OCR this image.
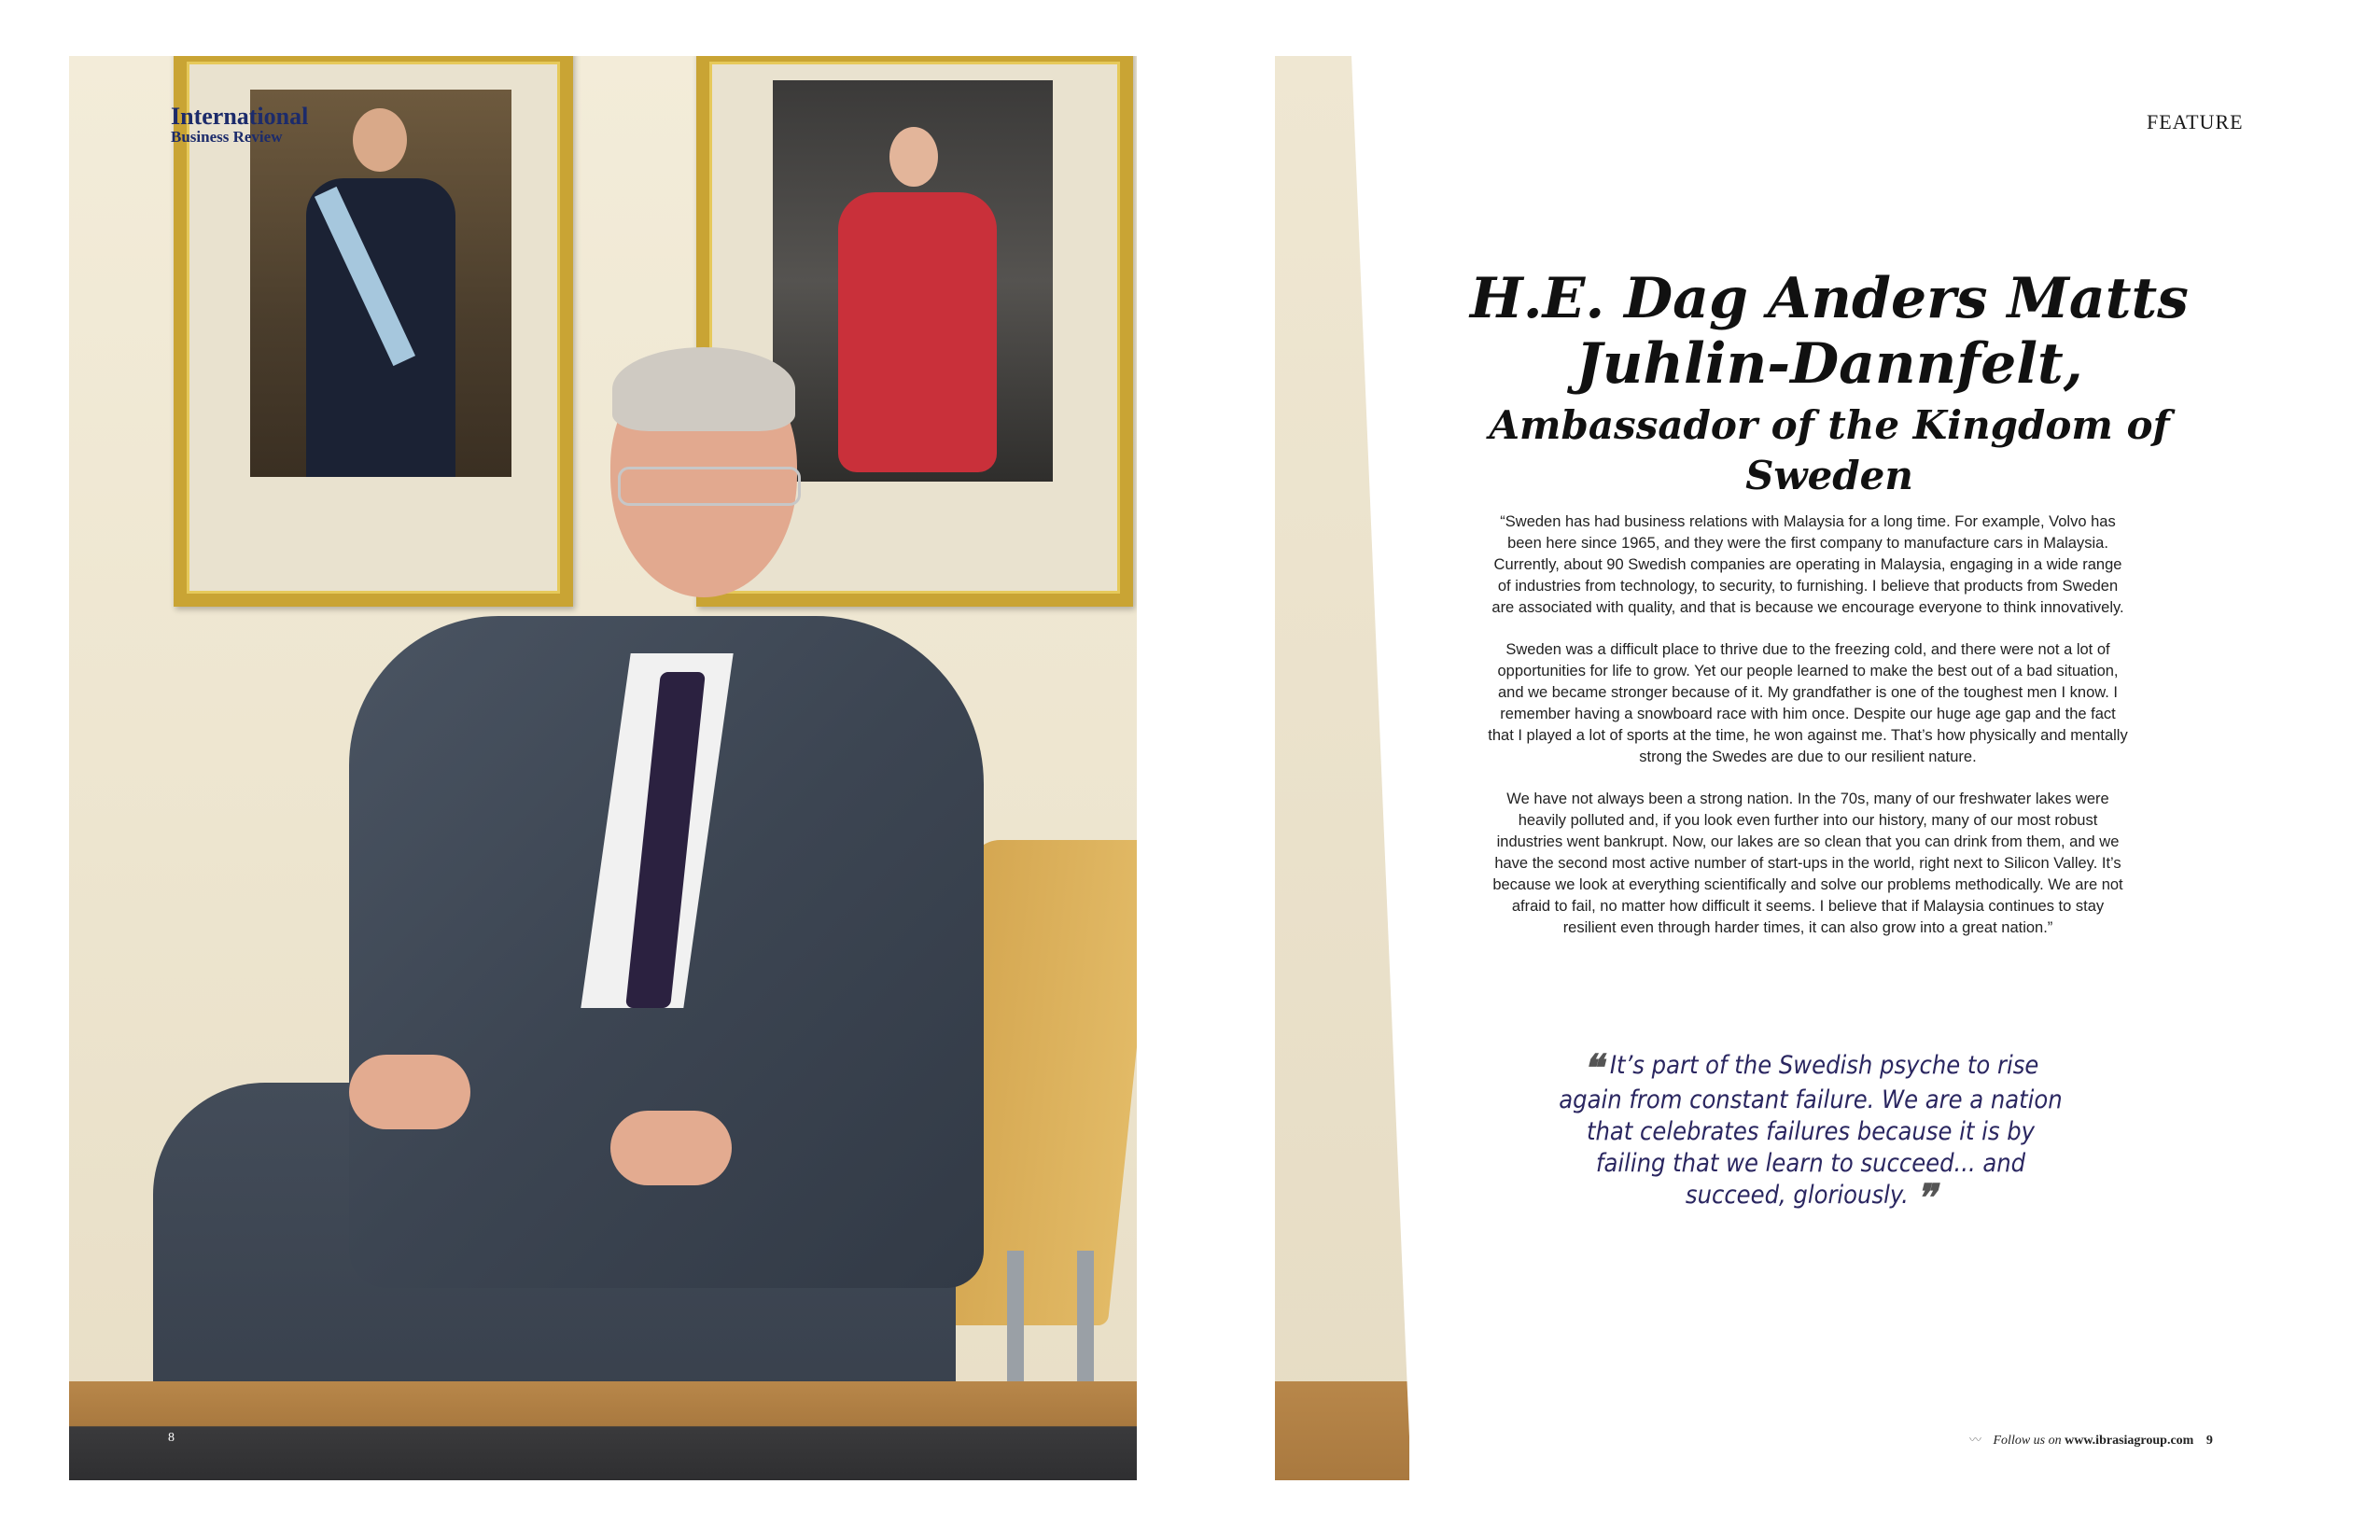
International
Business Review
8
FEATURE
H.E. Dag Anders Matts
Juhlin-Dannfelt,
Ambassador of the Kingdom of Sweden

“Sweden has had business relations with Malaysia for a long time. For example, Volvo has been here since 1965, and they were the first company to manufacture cars in Malaysia. Currently, about 90 Swedish companies are operating in Malaysia, engaging in a wide range of industries from technology, to security, to furnishing. I believe that products from Sweden are associated with quality, and that is because we encourage everyone to think innovatively.

Sweden was a difficult place to thrive due to the freezing cold, and there were not a lot of opportunities for life to grow. Yet our people learned to make the best out of a bad situation, and we became stronger because of it. My grandfather is one of the toughest men I know. I remember having a snowboard race with him once. Despite our huge age gap and the fact that I played a lot of sports at the time, he won against me. That’s how physically and mentally strong the Swedes are due to our resilient nature.

We have not always been a strong nation. In the 70s, many of our freshwater lakes were heavily polluted and, if you look even further into our history, many of our most robust industries went bankrupt. Now, our lakes are so clean that you can drink from them, and we have the second most active number of start-ups in the world, right next to Silicon Valley. It’s because we look at everything scientifically and solve our problems methodically. We are not afraid to fail, no matter how difficult it seems. I believe that if Malaysia continues to stay resilient even through harder times, it can also grow into a great nation.”

❝ It’s part of the Swedish psyche to rise again from constant failure. We are a nation that celebrates failures because it is by failing that we learn to succeed... and succeed, gloriously. ❞
〰 Follow us on www.ibrasiagroup.com 9
